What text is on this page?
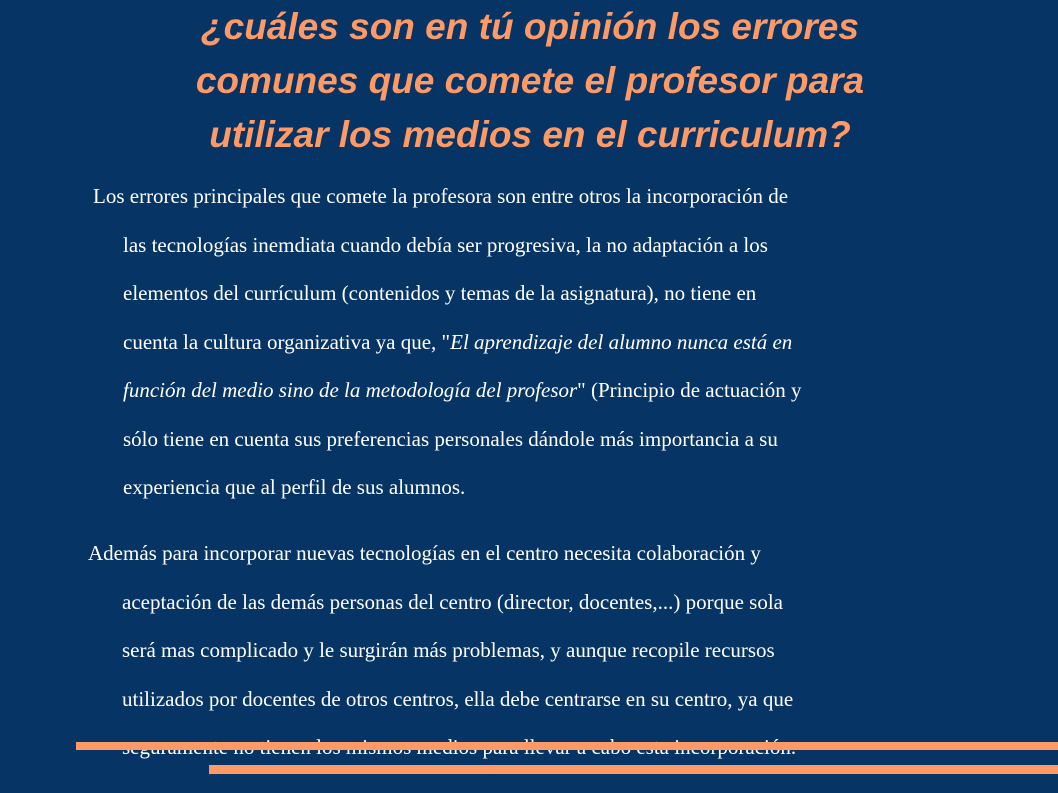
¿cuáles son en tú opinión los errores
comunes que comete el profesor para
utilizar los medios en el curriculum?
Los errores principales que comete la profesora son entre otros la incorporación de
las tecnologías inemdiata cuando debía ser progresiva, la no adaptación a los
elementos del currículum (contenidos y temas de la asignatura), no tiene en
cuenta la cultura organizativa ya que, "El aprendizaje del alumno nunca está en
función del medio sino de la metodología del profesor" (Principio de actuación y
sólo tiene en cuenta sus preferencias personales dándole más importancia a su
experiencia que al perfil de sus alumnos.
Además para incorporar nuevas tecnologías en el centro necesita colaboración y
aceptación de las demás personas del centro (director, docentes,...) porque sola
será mas complicado y le surgirán más problemas, y aunque recopile recursos
utilizados por docentes de otros centros, ella debe centrarse en su centro, ya que
